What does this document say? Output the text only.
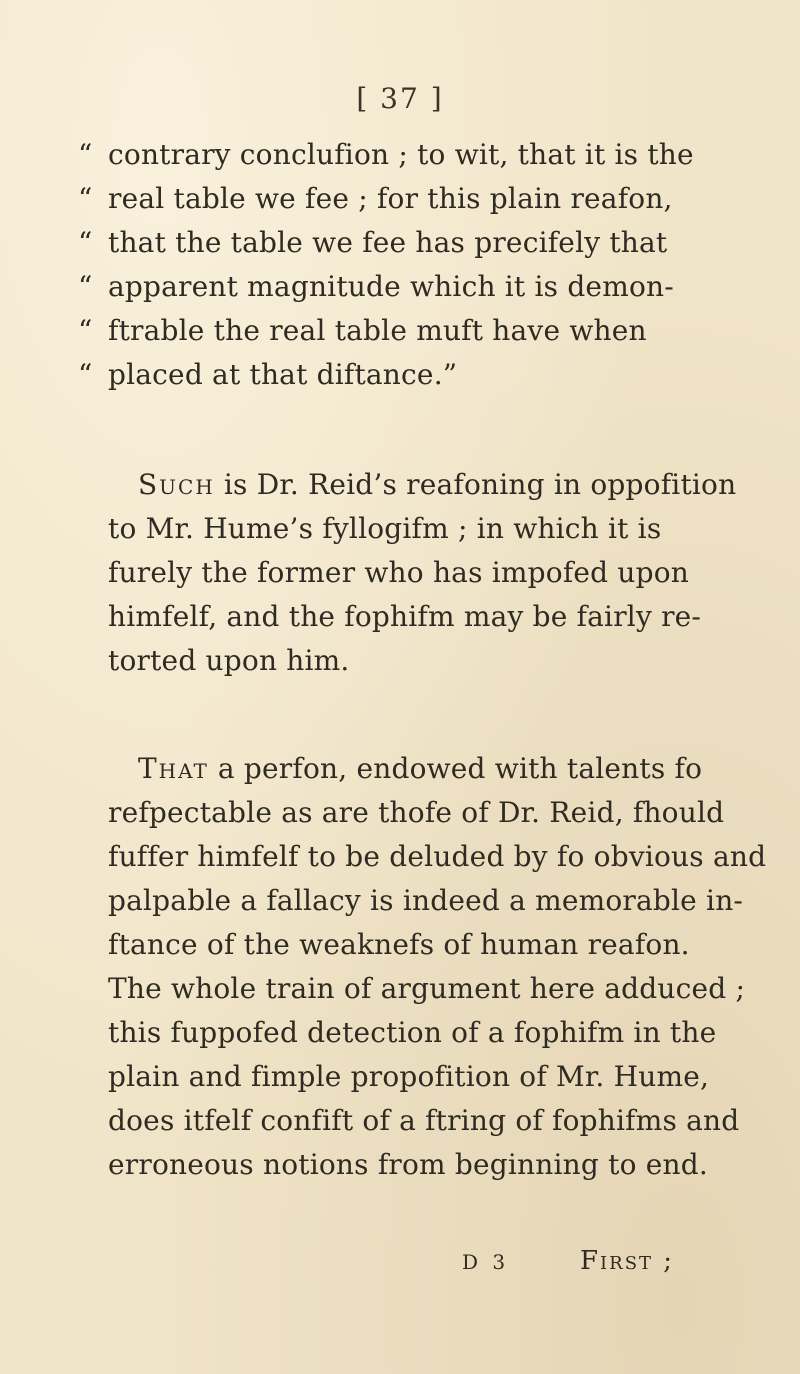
[ 37 ]
“ contrary conclufion ; to wit, that it is the
“ real table we fee ; for this plain reafon,
“ that the table we fee has precifely that
“ apparent magnitude which it is demon-
“ ftrable the real table muft have when
“ placed at that diftance.”
Such is Dr. Reid’s reafoning in oppofition
to Mr. Hume’s fyllogifm ; in which it is
furely the former who has impofed upon
himfelf, and the fophifm may be fairly re-
torted upon him.
That a perfon, endowed with talents fo
refpectable as are thofe of Dr. Reid, fhould
fuffer himfelf to be deluded by fo obvious and
palpable a fallacy is indeed a memorable in-
ftance of the weaknefs of human reafon.
The whole train of argument here adduced ;
this fuppofed detection of a fophifm in the
plain and fimple propofition of Mr. Hume,
does itfelf confift of a ftring of fophifms and
erroneous notions from beginning to end.
D 3	First ;
